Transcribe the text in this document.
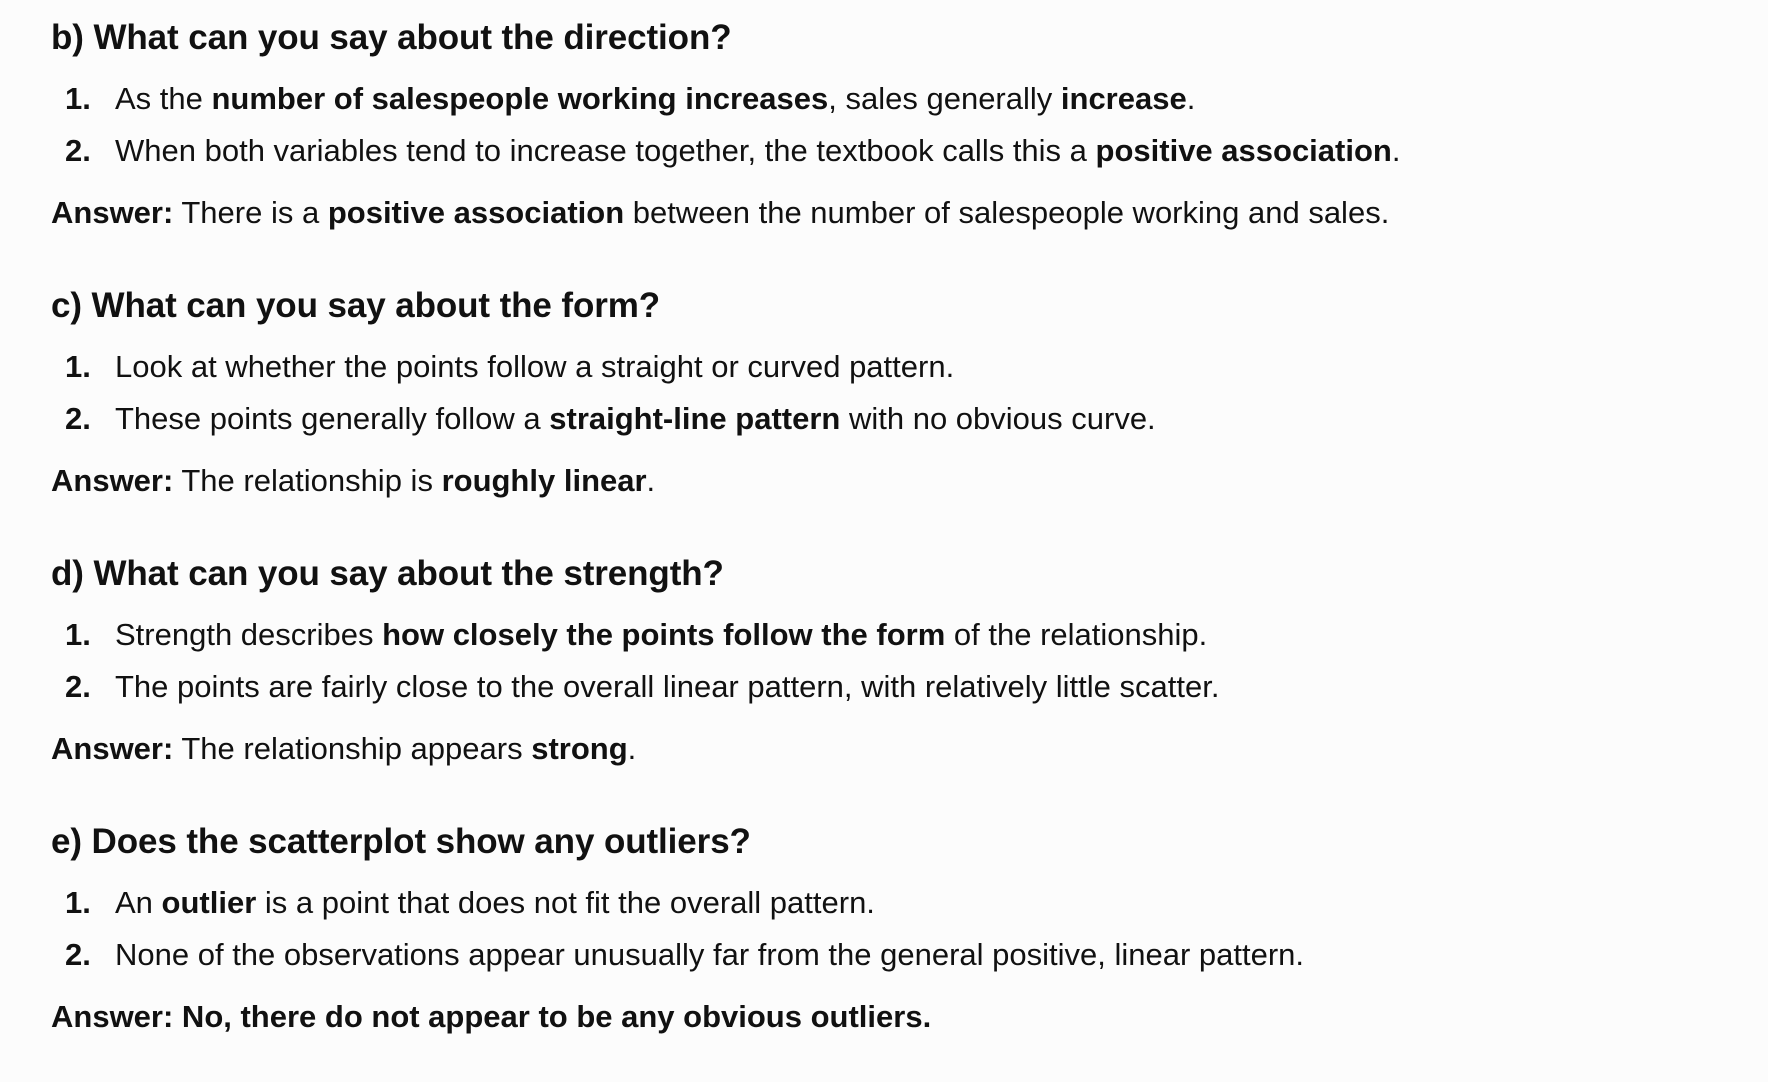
b) What can you say about the direction?
1. As the number of salespeople working increases, sales generally increase.
2. When both variables tend to increase together, the textbook calls this a positive association.
Answer: There is a positive association between the number of salespeople working and sales.
c) What can you say about the form?
1. Look at whether the points follow a straight or curved pattern.
2. These points generally follow a straight-line pattern with no obvious curve.
Answer: The relationship is roughly linear.
d) What can you say about the strength?
1. Strength describes how closely the points follow the form of the relationship.
2. The points are fairly close to the overall linear pattern, with relatively little scatter.
Answer: The relationship appears strong.
e) Does the scatterplot show any outliers?
1. An outlier is a point that does not fit the overall pattern.
2. None of the observations appear unusually far from the general positive, linear pattern.
Answer: No, there do not appear to be any obvious outliers.
